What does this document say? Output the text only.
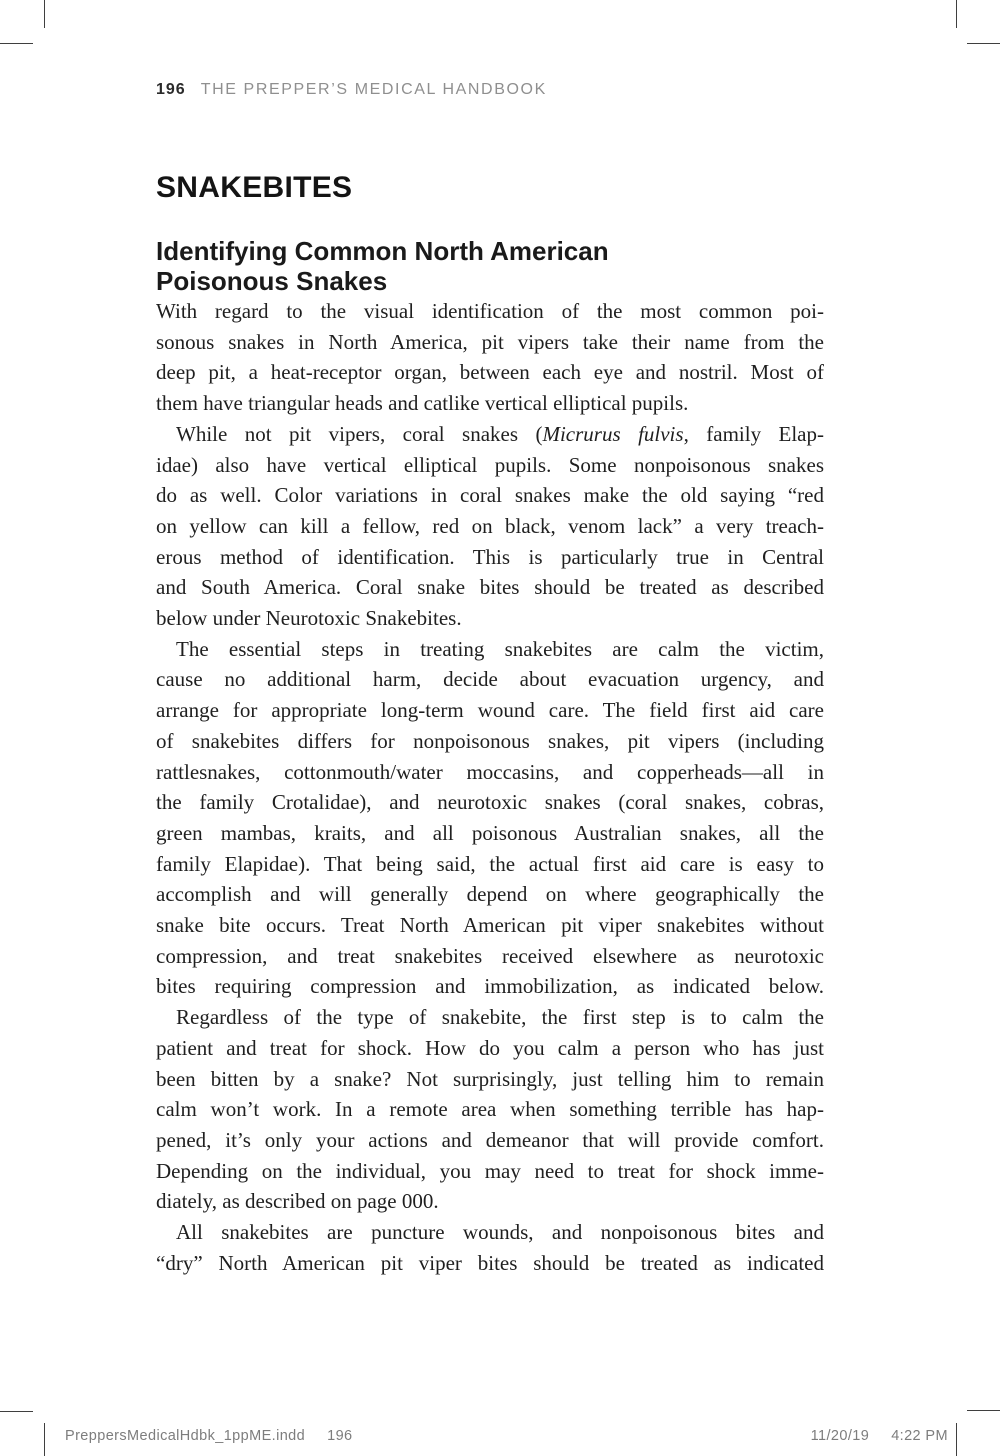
196 THE PREPPER’S MEDICAL HANDBOOK
SNAKEBITES
Identifying Common North American
Poisonous Snakes
With regard to the visual identification of the most common poi-
sonous snakes in North America, pit vipers take their name from the
deep pit, a heat-receptor organ, between each eye and nostril. Most of
them have triangular heads and catlike vertical elliptical pupils.
While not pit vipers, coral snakes (Micrurus fulvis, family Elap-
idae) also have vertical elliptical pupils. Some nonpoisonous snakes
do as well. Color variations in coral snakes make the old saying “red
on yellow can kill a fellow, red on black, venom lack” a very treach-
erous method of identification. This is particularly true in Central
and South America. Coral snake bites should be treated as described
below under Neurotoxic Snakebites.
The essential steps in treating snakebites are calm the victim,
cause no additional harm, decide about evacuation urgency, and
arrange for appropriate long-term wound care. The field first aid care
of snakebites differs for nonpoisonous snakes, pit vipers (including
rattlesnakes, cottonmouth/water moccasins, and copperheads—all in
the family Crotalidae), and neurotoxic snakes (coral snakes, cobras,
green mambas, kraits, and all poisonous Australian snakes, all the
family Elapidae). That being said, the actual first aid care is easy to
accomplish and will generally depend on where geographically the
snake bite occurs. Treat North American pit viper snakebites without
compression, and treat snakebites received elsewhere as neurotoxic
bites requiring compression and immobilization, as indicated below.
Regardless of the type of snakebite, the first step is to calm the
patient and treat for shock. How do you calm a person who has just
been bitten by a snake? Not surprisingly, just telling him to remain
calm won’t work. In a remote area when something terrible has hap-
pened, it’s only your actions and demeanor that will provide comfort.
Depending on the individual, you may need to treat for shock imme-
diately, as described on page 000.
All snakebites are puncture wounds, and nonpoisonous bites and
“dry” North American pit viper bites should be treated as indicated
PreppersMedicalHdbk_1ppME.indd 196	11/20/19 4:22 PM
